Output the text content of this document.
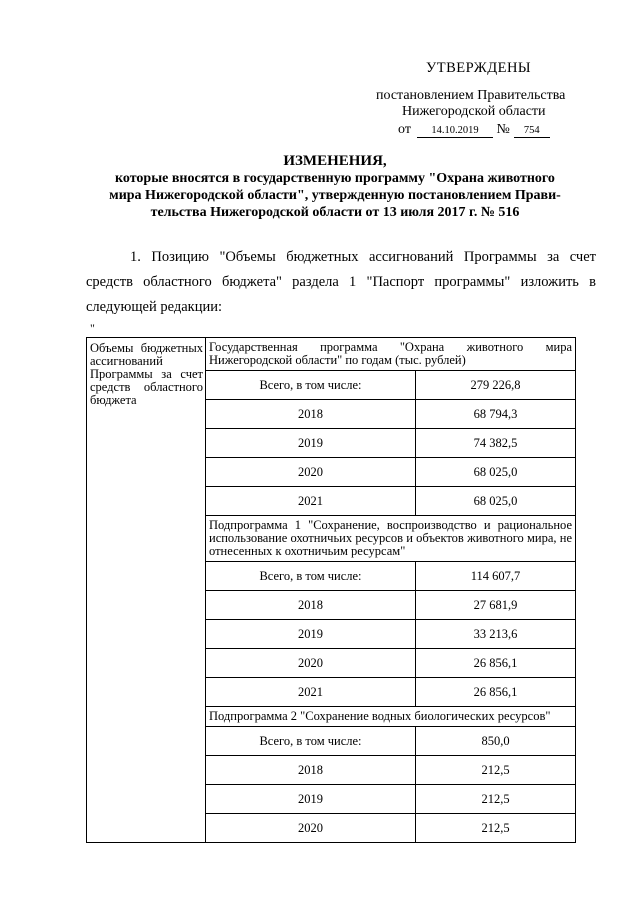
УТВЕРЖДЕНЫ
постановлением Правительства
Нижегородской области
от 14.10.2019 № 754
ИЗМЕНЕНИЯ,
которые вносятся в государственную программу "Охрана животного
мира Нижегородской области", утвержденную постановлением Прави-
тельства Нижегородской области от 13 июля 2017 г. № 516
1. Позицию "Объемы бюджетных ассигнований Программы за счет средств областного бюджета" раздела 1 "Паспорт программы" изложить в следующей редакции:
"
Объемы бюджетных ассигнований Программы за счет средств областного бюджета	Государственная программа "Охрана животного мира Нижегородской области" по годам (тыс. рублей)	
	Всего, в том числе:	279 226,8
	2018	68 794,3
	2019	74 382,5
	2020	68 025,0
	2021	68 025,0
	Подпрограмма 1 "Сохранение, воспроизводство и рациональное использование охотничьих ресурсов и объектов животного мира, не отнесенных к охотничьим ресурсам"	
	Всего, в том числе:	114 607,7
	2018	27 681,9
	2019	33 213,6
	2020	26 856,1
	2021	26 856,1
	Подпрограмма 2 "Сохранение водных биологических ресурсов"	
	Всего, в том числе:	850,0
	2018	212,5
	2019	212,5
	2020	212,5
